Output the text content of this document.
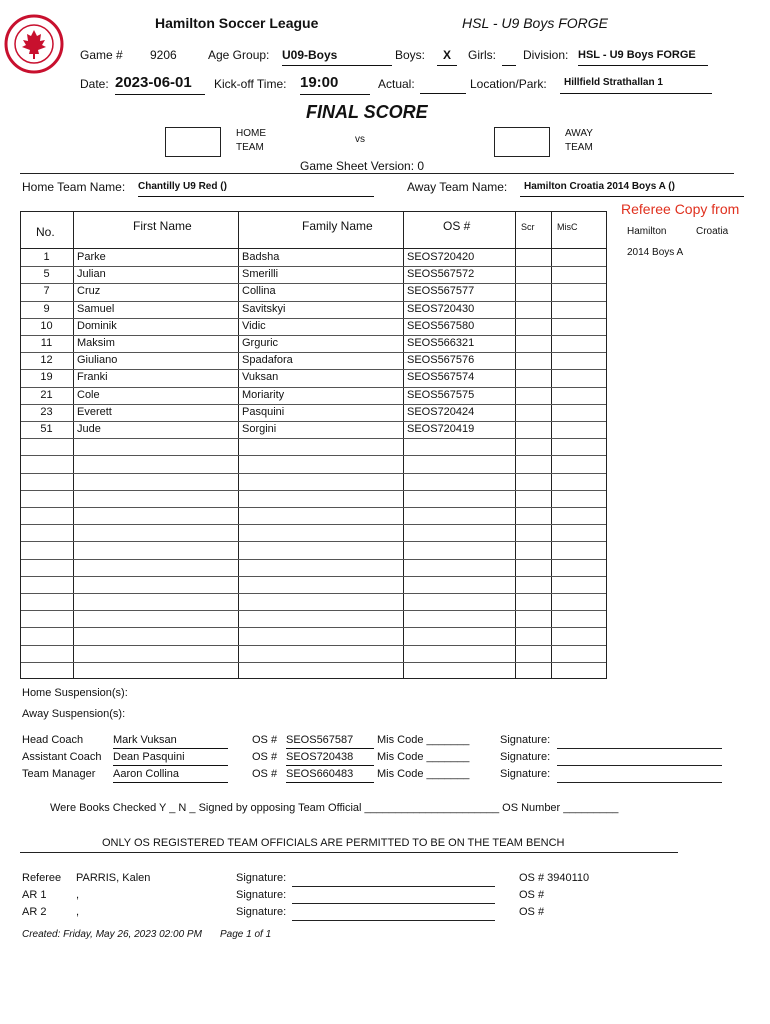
Hamilton Soccer League	HSL - U9 Boys FORGE
Game # 9206	Age Group: U09-Boys	Boys:	X	Girls: Division: HSL - U9 Boys FORGE
Date: 2023-06-01	Kick-off Time: 19:00	Actual:	Location/Park:	Hillfield Strathallan 1
FINAL SCORE
HOME
TEAM
vs
AWAY
TEAM
Game Sheet Version: 0
Home Team Name: Chantilly U9 Red ()	Away Team Name:	Hamilton Croatia 2014 Boys A ()
Referee Copy from
Hamilton	Croatia
2014 Boys A
No.	First Name	Family Name	OS #	Scr	MisC
1	Parke	Badsha	SEOS720420
5	Julian	Smerilli	SEOS567572
7	Cruz	Collina	SEOS567577
9	Samuel	Savitskyi	SEOS720430
10	Dominik	Vidic	SEOS567580
11	Maksim	Grguric	SEOS566321
12	Giuliano	Spadafora	SEOS567576
19	Franki	Vuksan	SEOS567574
21	Cole	Moriarity	SEOS567575
23	Everett	Pasquini	SEOS720424
51	Jude	Sorgini	SEOS720419
Home Suspension(s):
Away Suspension(s):
Head Coach	Mark Vuksan	OS # SEOS567587	Mis Code _______	Signature:
Assistant Coach Dean Pasquini	OS # SEOS720438	Mis Code _______	Signature:
Team Manager Aaron Collina	OS # SEOS660483	Mis Code _______	Signature:
Were Books Checked Y _ N _ Signed by opposing Team Official ______________________ OS Number _________
ONLY OS REGISTERED TEAM OFFICIALS ARE PERMITTED TO BE ON THE TEAM BENCH
Referee PARRIS, Kalen	Signature:	OS # 3940110
AR 1	,	Signature:	OS #
AR 2	,	Signature:	OS #
Created: Friday, May 26, 2023 02:00 PM Page 1 of 1
